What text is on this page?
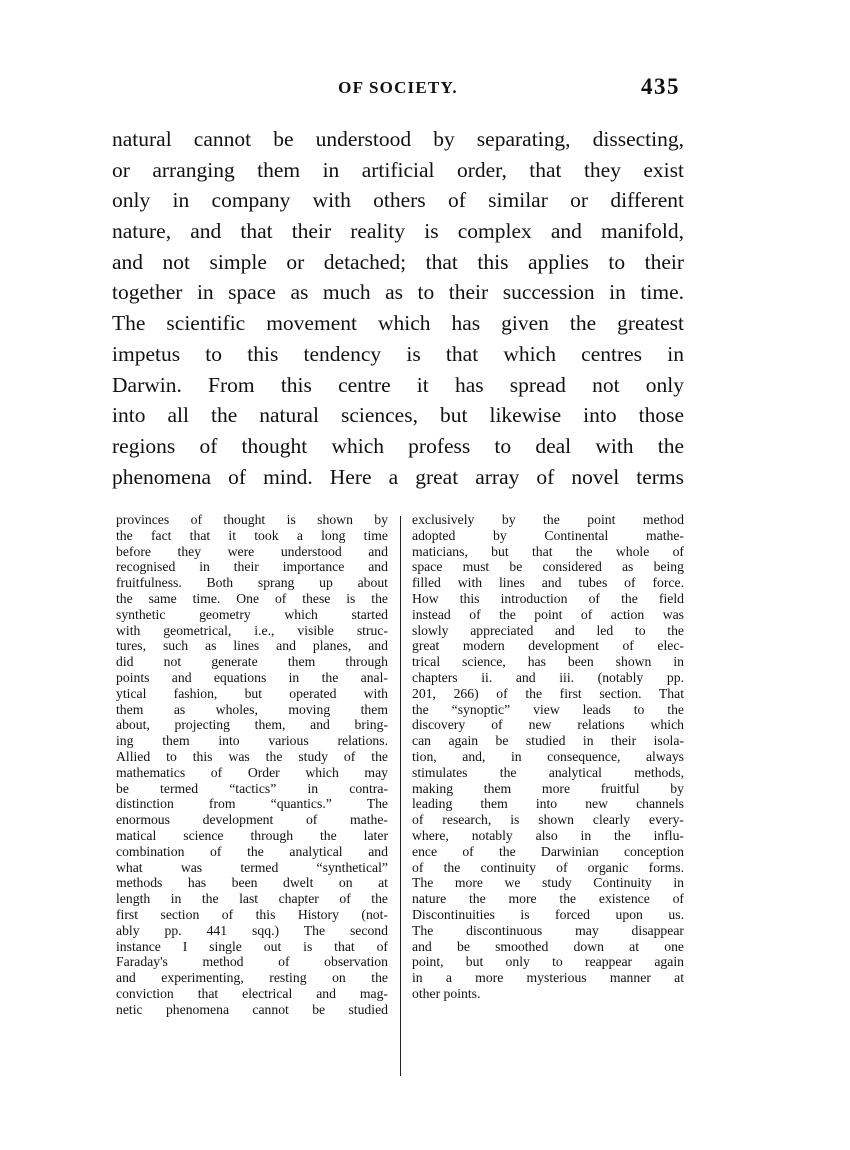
OF SOCIETY.	435
natural cannot be understood by separating, dissecting,
or arranging them in artificial order, that they exist
only in company with others of similar or different
nature, and that their reality is complex and manifold,
and not simple or detached; that this applies to their
together in space as much as to their succession in time.
The scientific movement which has given the greatest
impetus to this tendency is that which centres in
Darwin. From this centre it has spread not only
into all the natural sciences, but likewise into those
regions of thought which profess to deal with the
phenomena of mind. Here a great array of novel terms
provinces of thought is shown by
the fact that it took a long time
before they were understood and
recognised in their importance and
fruitfulness. Both sprang up about
the same time. One of these is the
synthetic geometry which started
with geometrical, i.e., visible struc-
tures, such as lines and planes, and
did not generate them through
points and equations in the anal-
ytical fashion, but operated with
them as wholes, moving them
about, projecting them, and bring-
ing them into various relations.
Allied to this was the study of the
mathematics of Order which may
be termed “tactics” in contra-
distinction from “quantics.” The
enormous development of mathe-
matical science through the later
combination of the analytical and
what was termed “synthetical”
methods has been dwelt on at
length in the last chapter of the
first section of this History (not-
ably pp. 441 sqq.) The second
instance I single out is that of
Faraday's method of observation
and experimenting, resting on the
conviction that electrical and mag-
netic phenomena cannot be studied
exclusively by the point method
adopted by Continental mathe-
maticians, but that the whole of
space must be considered as being
filled with lines and tubes of force.
How this introduction of the field
instead of the point of action was
slowly appreciated and led to the
great modern development of elec-
trical science, has been shown in
chapters ii. and iii. (notably pp.
201, 266) of the first section. That
the “synoptic” view leads to the
discovery of new relations which
can again be studied in their isola-
tion, and, in consequence, always
stimulates the analytical methods,
making them more fruitful by
leading them into new channels
of research, is shown clearly every-
where, notably also in the influ-
ence of the Darwinian conception
of the continuity of organic forms.
The more we study Continuity in
nature the more the existence of
Discontinuities is forced upon us.
The discontinuous may disappear
and be smoothed down at one
point, but only to reappear again
in a more mysterious manner at
other points.
